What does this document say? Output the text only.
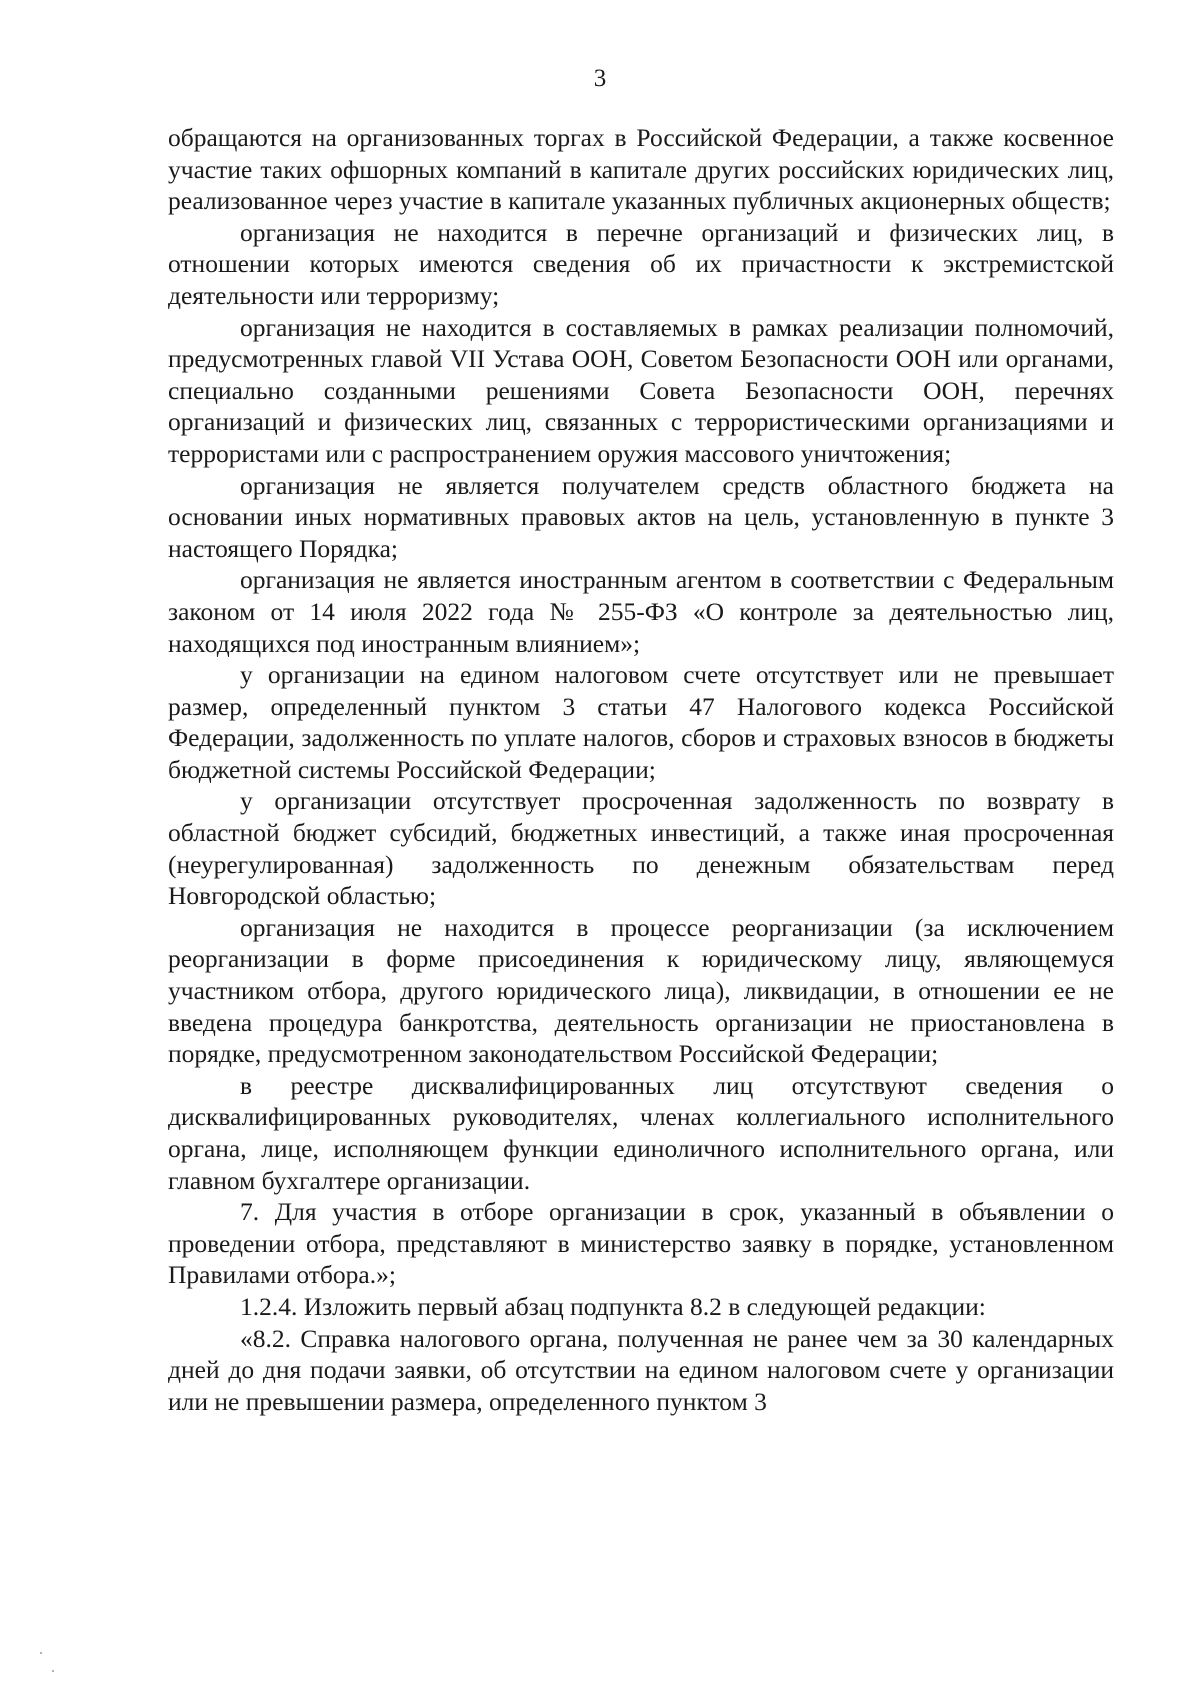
3

обращаются на организованных торгах в Российской Федерации, а также косвенное участие таких офшорных компаний в капитале других российских юридических лиц, реализованное через участие в капитале указанных публичных акционерных обществ;

организация не находится в перечне организаций и физических лиц, в отношении которых имеются сведения об их причастности к экстремистской деятельности или терроризму;

организация не находится в составляемых в рамках реализации полномочий, предусмотренных главой VII Устава ООН, Советом Безопасности ООН или органами, специально созданными решениями Совета Безопасности ООН, перечнях организаций и физических лиц, связанных с террористическими организациями и террористами или с распространением оружия массового уничтожения;

организация не является получателем средств областного бюджета на основании иных нормативных правовых актов на цель, установленную в пункте 3 настоящего Порядка;

организация не является иностранным агентом в соответствии с Федеральным законом от 14 июля 2022 года № 255-ФЗ «О контроле за деятельностью лиц, находящихся под иностранным влиянием»;

у организации на едином налоговом счете отсутствует или не превышает размер, определенный пунктом 3 статьи 47 Налогового кодекса Российской Федерации, задолженность по уплате налогов, сборов и страховых взносов в бюджеты бюджетной системы Российской Федерации;

у организации отсутствует просроченная задолженность по возврату в областной бюджет субсидий, бюджетных инвестиций, а также иная просроченная (неурегулированная) задолженность по денежным обязательствам перед Новгородской областью;

организация не находится в процессе реорганизации (за исключением реорганизации в форме присоединения к юридическому лицу, являющемуся участником отбора, другого юридического лица), ликвидации, в отношении ее не введена процедура банкротства, деятельность организации не приостановлена в порядке, предусмотренном законодательством Российской Федерации;

в реестре дисквалифицированных лиц отсутствуют сведения о дисквалифицированных руководителях, членах коллегиального исполнительного органа, лице, исполняющем функции единоличного исполнительного органа, или главном бухгалтере организации.

7. Для участия в отборе организации в срок, указанный в объявлении о проведении отбора, представляют в министерство заявку в порядке, установленном Правилами отбора.»;

1.2.4. Изложить первый абзац подпункта 8.2 в следующей редакции:

«8.2. Справка налогового органа, полученная не ранее чем за 30 календарных дней до дня подачи заявки, об отсутствии на едином налоговом счете у организации или не превышении размера, определенного пунктом 3
